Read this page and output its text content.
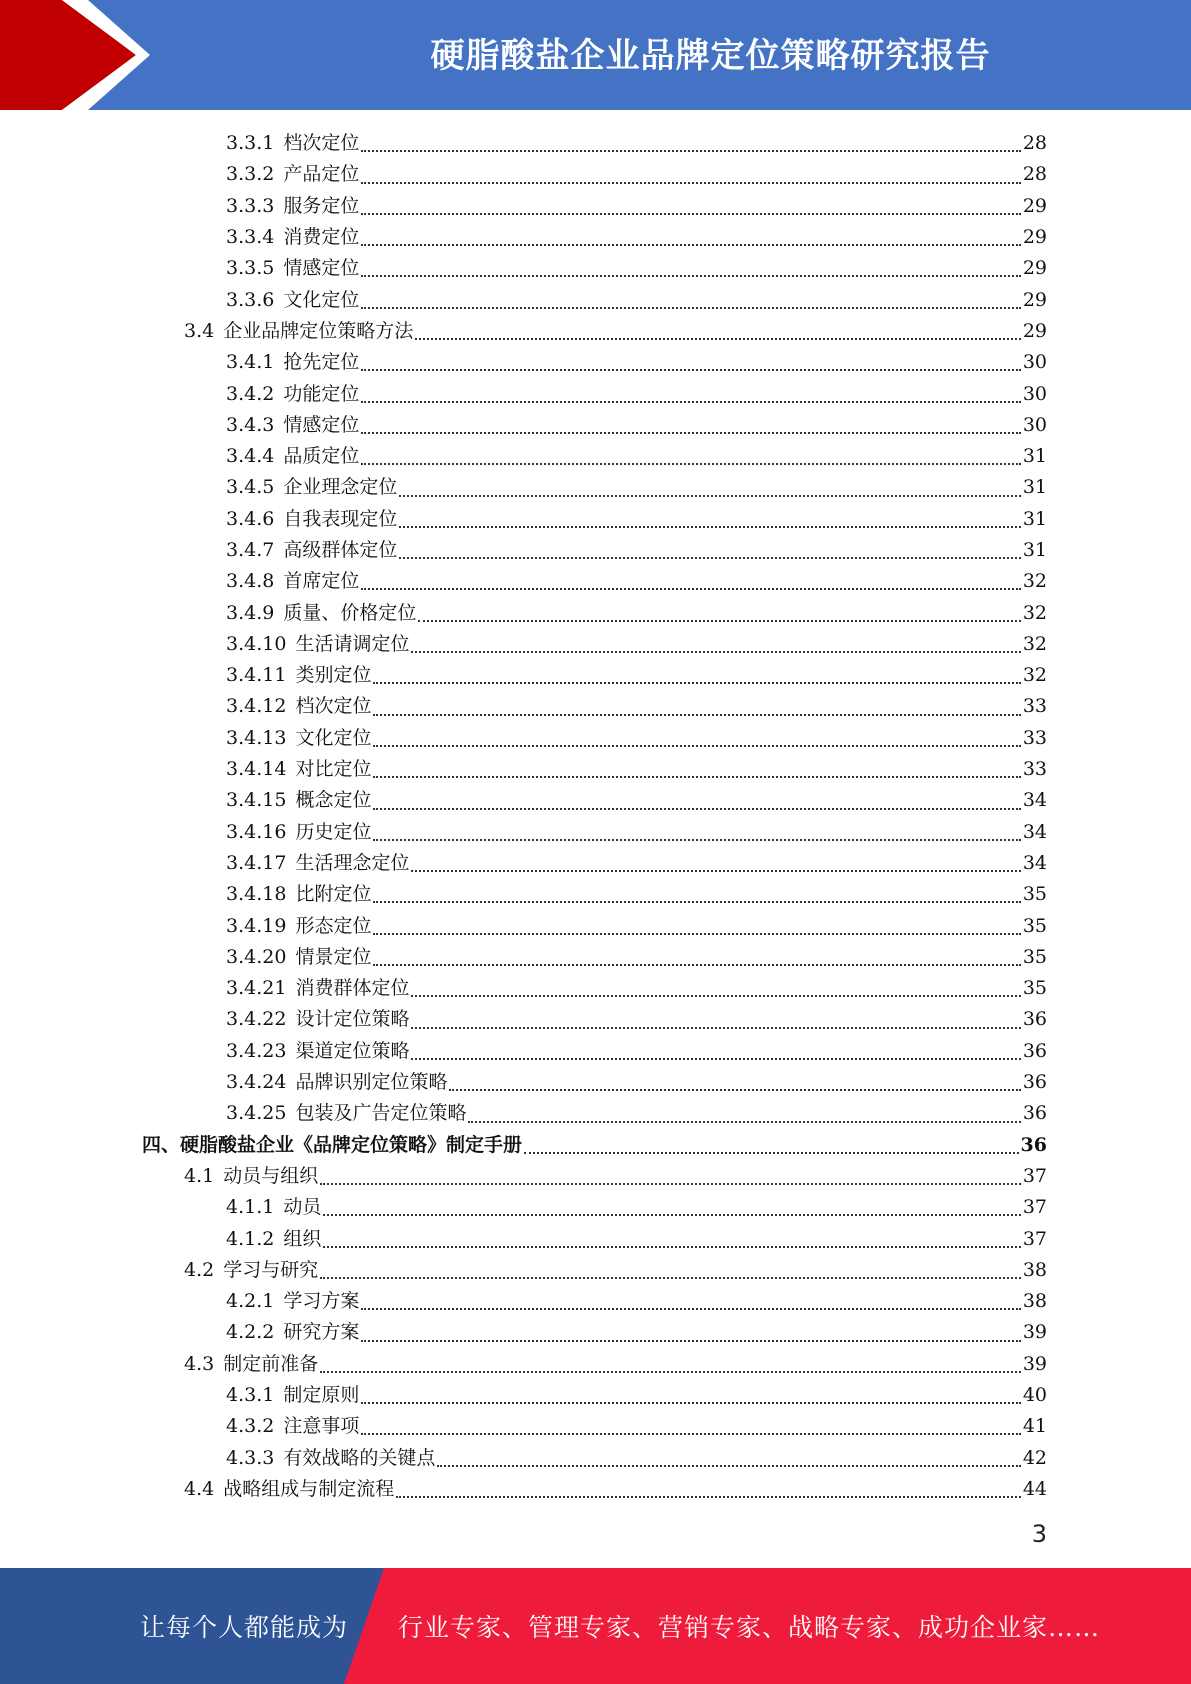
硬脂酸盐企业品牌定位策略研究报告
3.3.1 档次定位	28
3.3.2 产品定位	28
3.3.3 服务定位	29
3.3.4 消费定位	29
3.3.5 情感定位	29
3.3.6 文化定位	29
3.4 企业品牌定位策略方法	29
3.4.1 抢先定位	30
3.4.2 功能定位	30
3.4.3 情感定位	30
3.4.4 品质定位	31
3.4.5 企业理念定位	31
3.4.6 自我表现定位	31
3.4.7 高级群体定位	31
3.4.8 首席定位	32
3.4.9 质量、价格定位	32
3.4.10 生活请调定位	32
3.4.11 类别定位	32
3.4.12 档次定位	33
3.4.13 文化定位	33
3.4.14 对比定位	33
3.4.15 概念定位	34
3.4.16 历史定位	34
3.4.17 生活理念定位	34
3.4.18 比附定位	35
3.4.19 形态定位	35
3.4.20 情景定位	35
3.4.21 消费群体定位	35
3.4.22 设计定位策略	36
3.4.23 渠道定位策略	36
3.4.24 品牌识别定位策略	36
3.4.25 包装及广告定位策略	36
四、硬脂酸盐企业《品牌定位策略》制定手册	36
4.1 动员与组织	37
4.1.1 动员	37
4.1.2 组织	37
4.2 学习与研究	38
4.2.1 学习方案	38
4.2.2 研究方案	39
4.3 制定前准备	39
4.3.1 制定原则	40
4.3.2 注意事项	41
4.3.3 有效战略的关键点	42
4.4 战略组成与制定流程	44
3
让每个人都能成为 行业专家、管理专家、营销专家、战略专家、成功企业家……
